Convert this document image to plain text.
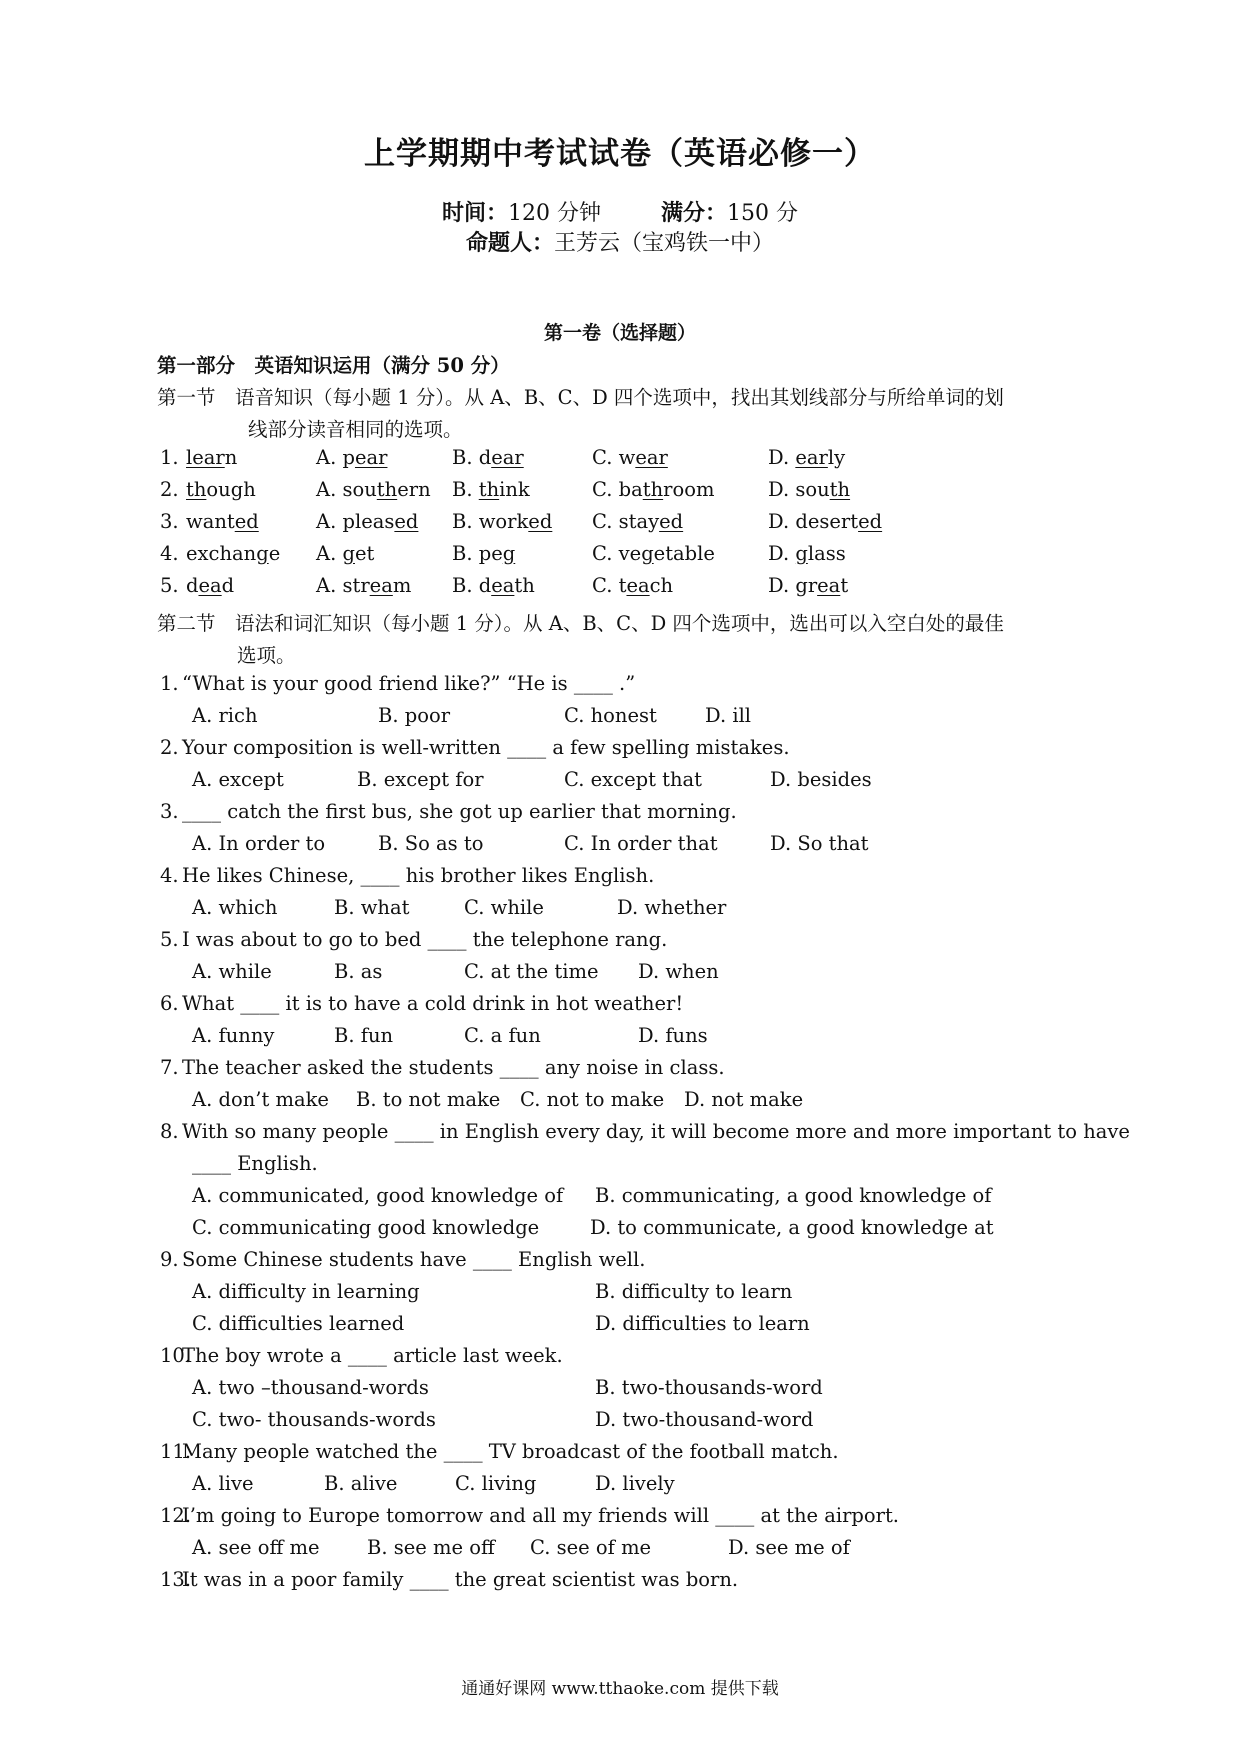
上学期期中考试试卷（英语必修一）
时间：120 分钟	满分：150 分
命题人：王芳云（宝鸡铁一中）
第一卷（选择题）
第一部分　英语知识运用（满分 50 分）
第一节　语音知识（每小题 1 分）。从 A、B、C、D 四个选项中，找出其划线部分与所给单词的划
线部分读音相同的选项。
1. learn	A. pear	B. dear	C. wear	D. early
2. though	A. southern B. think	C. bathroom	D. south
3. wanted	A. pleased B. worked C. stayed	D. deserted
4. exchange A. get	B. peg	C. vegetable	D. glass
5. dead	A. stream B. death	C. teach	D. great
第二节　语法和词汇知识（每小题 1 分）。从 A、B、C、D 四个选项中，选出可以入空白处的最佳
选项。
1. “What is your good friend like?” “He is ____ .”
A. rich	B. poor	C. honest D. ill
2. Your composition is well-written ____ a few spelling mistakes.
A. except	B. except for	C. except that	D. besides
3. ____ catch the first bus, she got up earlier that morning.
A. In order to	B. So as to	C. In order that	D. So that
4. He likes Chinese, ____ his brother likes English.
A. which	B. what	C. while	D. whether
5. I was about to go to bed ____ the telephone rang.
A. while	B. as	C. at the time D. when
6. What ____ it is to have a cold drink in hot weather!
A. funny	B. fun	C. a fun	D. funs
7. The teacher asked the students ____ any noise in class.
A. don’t make B. to not make C. not to make D. not make
8. With so many people ____ in English every day, it will become more and more important to have
____ English.
A. communicated, good knowledge of B. communicating, a good knowledge of
C. communicating good knowledge	D. to communicate, a good knowledge at
9. Some Chinese students have ____ English well.
A. difficulty in learning	B. difficulty to learn
C. difficulties learned	D. difficulties to learn
10.
The boy wrote a ____ article last week.
A. two –thousand-words	B. two-thousands-word
C. two- thousands-words	D. two-thousand-word
11.
Many people watched the ____ TV broadcast of the football match.
A. live	B. alive	C. living	D. lively
12.
I’m going to Europe tomorrow and all my friends will ____ at the airport.
A. see off me B. see me off C. see of me	D. see me of
13.
It was in a poor family ____ the great scientist was born.
通通好课网 www.tthaoke.com 提供下载
